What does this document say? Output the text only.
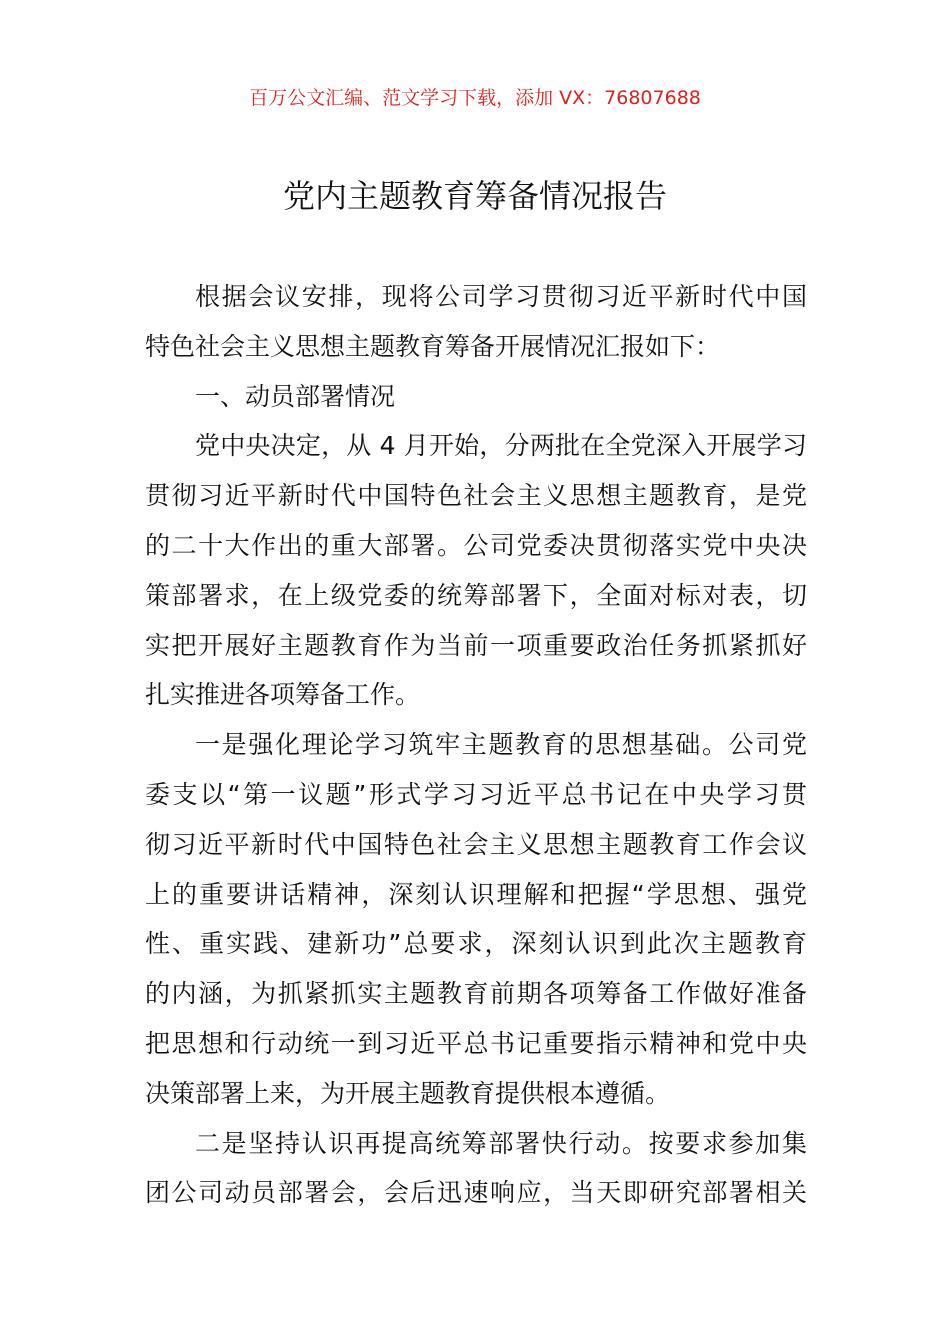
百万公文汇编、范文学习下载，添加 VX：76807688
党内主题教育筹备情况报告
根据会议安排，现将公司学习贯彻习近平新时代中国
特色社会主义思想主题教育筹备开展情况汇报如下：
一、动员部署情况
党中央决定，从 4 月开始，分两批在全党深入开展学习
贯彻习近平新时代中国特色社会主义思想主题教育，是党
的二十大作出的重大部署。公司党委决贯彻落实党中央决
策部署求，在上级党委的统筹部署下，全面对标对表，切
实把开展好主题教育作为当前一项重要政治任务抓紧抓好
扎实推进各项筹备工作。
一是强化理论学习筑牢主题教育的思想基础。公司党
委支以“第一议题”形式学习习近平总书记在中央学习贯
彻习近平新时代中国特色社会主义思想主题教育工作会议
上的重要讲话精神，深刻认识理解和把握“学思想、强党
性、重实践、建新功”总要求，深刻认识到此次主题教育
的内涵，为抓紧抓实主题教育前期各项筹备工作做好准备
把思想和行动统一到习近平总书记重要指示精神和党中央
决策部署上来，为开展主题教育提供根本遵循。
二是坚持认识再提高统筹部署快行动。按要求参加集
团公司动员部署会，会后迅速响应，当天即研究部署相关
